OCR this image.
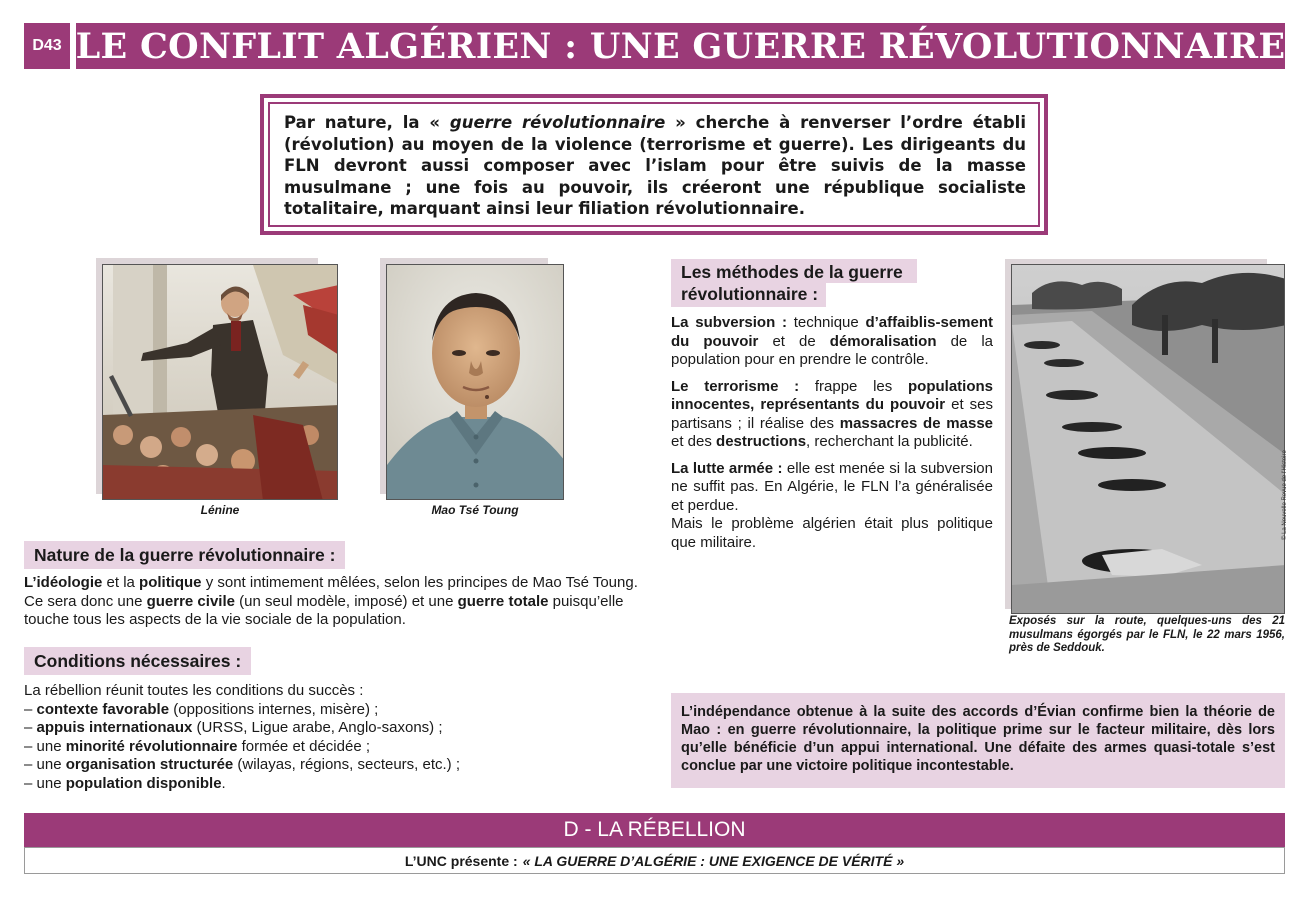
D43 LE CONFLIT ALGÉRIEN : UNE GUERRE RÉVOLUTIONNAIRE
Par nature, la « guerre révolutionnaire » cherche à renverser l’ordre établi (révolution) au moyen de la violence (terrorisme et guerre). Les dirigeants du FLN devront aussi composer avec l’islam pour être suivis de la masse musulmane ; une fois au pouvoir, ils créeront une république socialiste totalitaire, marquant ainsi leur filiation révolutionnaire.
Lénine	Mao Tsé Toung
Nature de la guerre révolutionnaire :
L’idéologie et la politique y sont intimement mêlées, selon les principes de Mao Tsé Toung. Ce sera donc une guerre civile (un seul modèle, imposé) et une guerre totale puisqu’elle touche tous les aspects de la vie sociale de la population.
Conditions nécessaires :
La rébellion réunit toutes les conditions du succès :
– contexte favorable (oppositions internes, misère) ;
– appuis internationaux (URSS, Ligue arabe, Anglo-saxons) ;
– une minorité révolutionnaire formée et décidée ;
– une organisation structurée (wilayas, régions, secteurs, etc.) ;
– une population disponible.
Les méthodes de la guerre
révolutionnaire :

La subversion : technique d’affaiblis-sement du pouvoir et de démoralisation de la population pour en prendre le contrôle.

Le terrorisme : frappe les populations innocentes, représentants du pouvoir et ses partisans ; il réalise des massacres de masse et des destructions, recherchant la publicité.

La lutte armée : elle est menée si la subversion ne suffit pas. En Algérie, le FLN l’a généralisée et perdue.

Mais le problème algérien était plus politique que militaire.

© La Nouvelle Revue de l’Histoire
Exposés sur la route, quelques-uns des 21 musulmans égorgés par le FLN, le 22 mars 1956, près de Seddouk.
L’indépendance obtenue à la suite des accords d’Évian confirme bien la théorie de Mao : en guerre révolutionnaire, la politique prime sur le facteur militaire, dès lors qu’elle bénéficie d’un appui international. Une défaite des armes quasi-totale s’est conclue par une victoire politique incontestable.
D - LA RÉBELLION
L’UNC présente : « LA GUERRE D’ALGÉRIE : UNE EXIGENCE DE VÉRITÉ »
